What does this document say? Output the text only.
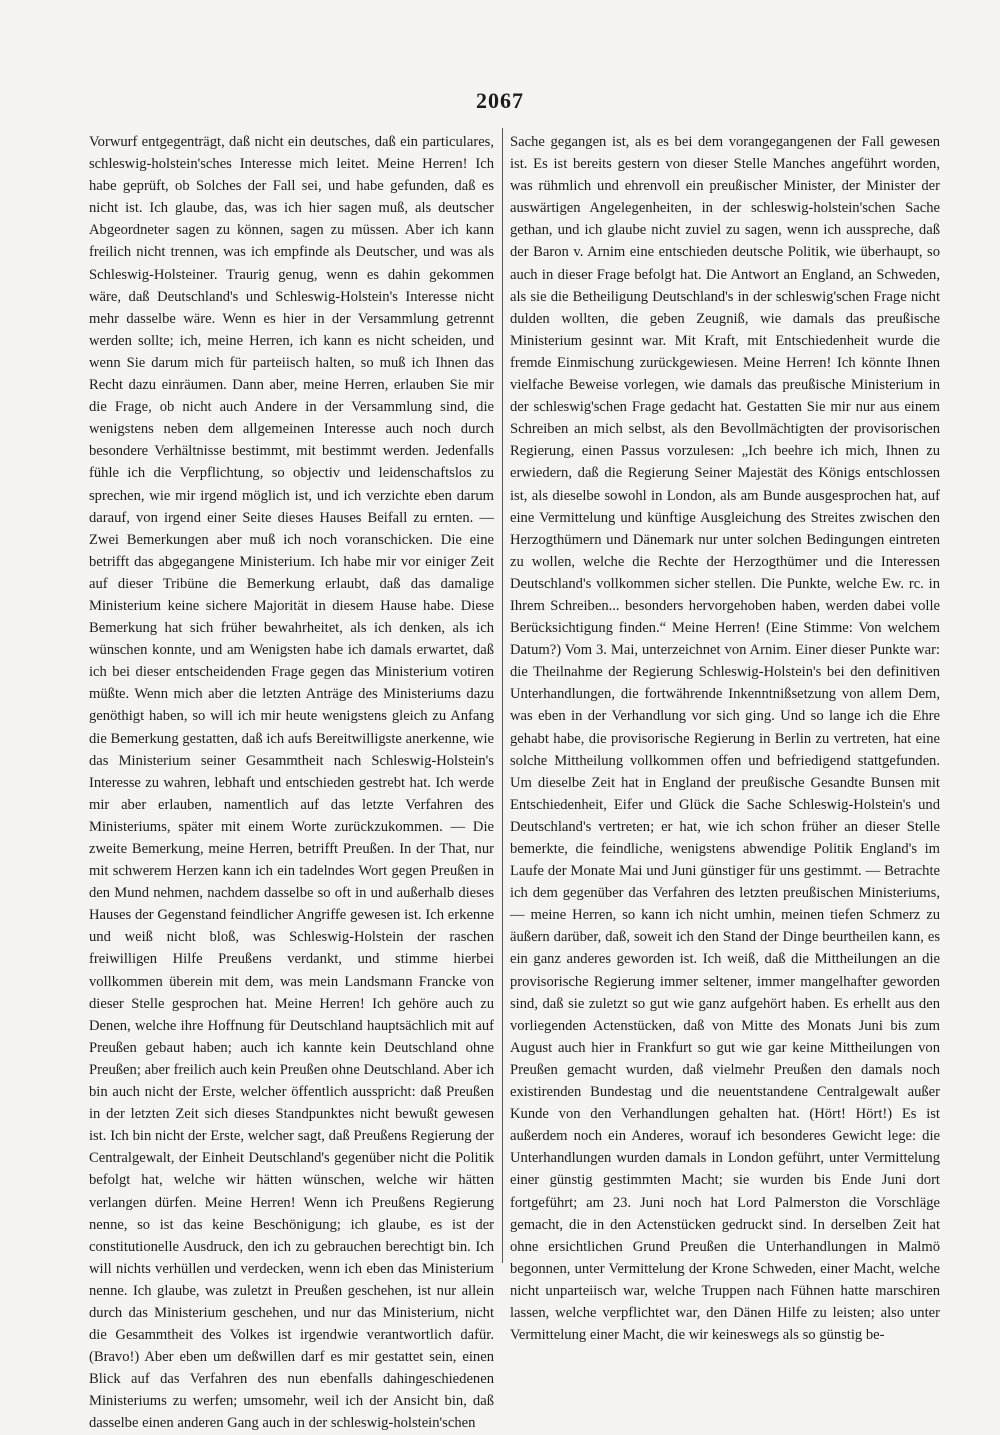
2067

Vorwurf entgegenträgt, daß nicht ein deutsches, daß ein particulares, schleswig-holstein'sches Interesse mich leitet. Meine Herren! Ich habe geprüft, ob Solches der Fall sei, und habe gefunden, daß es nicht ist. Ich glaube, das, was ich hier sagen muß, als deutscher Abgeordneter sagen zu können, sagen zu müssen. Aber ich kann freilich nicht trennen, was ich empfinde als Deutscher, und was als Schleswig-Holsteiner. Traurig genug, wenn es dahin gekommen wäre, daß Deutschland's und Schleswig-Holstein's Interesse nicht mehr dasselbe wäre. Wenn es hier in der Versammlung getrennt werden sollte; ich, meine Herren, ich kann es nicht scheiden, und wenn Sie darum mich für parteiisch halten, so muß ich Ihnen das Recht dazu einräumen. Dann aber, meine Herren, erlauben Sie mir die Frage, ob nicht auch Andere in der Versammlung sind, die wenigstens neben dem allgemeinen Interesse auch noch durch besondere Verhältnisse bestimmt, mit bestimmt werden. Jedenfalls fühle ich die Verpflichtung, so objectiv und leidenschaftslos zu sprechen, wie mir irgend möglich ist, und ich verzichte eben darum darauf, von irgend einer Seite dieses Hauses Beifall zu ernten. — Zwei Bemerkungen aber muß ich noch voranschicken. Die eine betrifft das abgegangene Ministerium. Ich habe mir vor einiger Zeit auf dieser Tribüne die Bemerkung erlaubt, daß das damalige Ministerium keine sichere Majorität in diesem Hause habe. Diese Bemerkung hat sich früher bewahrheitet, als ich denken, als ich wünschen konnte, und am Wenigsten habe ich damals erwartet, daß ich bei dieser entscheidenden Frage gegen das Ministerium votiren müßte. Wenn mich aber die letzten Anträge des Ministeriums dazu genöthigt haben, so will ich mir heute wenigstens gleich zu Anfang die Bemerkung gestatten, daß ich aufs Bereitwilligste anerkenne, wie das Ministerium seiner Gesammtheit nach Schleswig-Holstein's Interesse zu wahren, lebhaft und entschieden gestrebt hat. Ich werde mir aber erlauben, namentlich auf das letzte Verfahren des Ministeriums, später mit einem Worte zurückzukommen. — Die zweite Bemerkung, meine Herren, betrifft Preußen. In der That, nur mit schwerem Herzen kann ich ein tadelndes Wort gegen Preußen in den Mund nehmen, nachdem dasselbe so oft in und außerhalb dieses Hauses der Gegenstand feindlicher Angriffe gewesen ist. Ich erkenne und weiß nicht bloß, was Schleswig-Holstein der raschen freiwilligen Hilfe Preußens verdankt, und stimme hierbei vollkommen überein mit dem, was mein Landsmann Francke von dieser Stelle gesprochen hat. Meine Herren! Ich gehöre auch zu Denen, welche ihre Hoffnung für Deutschland hauptsächlich mit auf Preußen gebaut haben; auch ich kannte kein Deutschland ohne Preußen; aber freilich auch kein Preußen ohne Deutschland. Aber ich bin auch nicht der Erste, welcher öffentlich ausspricht: daß Preußen in der letzten Zeit sich dieses Standpunktes nicht bewußt gewesen ist. Ich bin nicht der Erste, welcher sagt, daß Preußens Regierung der Centralgewalt, der Einheit Deutschland's gegenüber nicht die Politik befolgt hat, welche wir hätten wünschen, welche wir hätten verlangen dürfen. Meine Herren! Wenn ich Preußens Regierung nenne, so ist das keine Beschönigung; ich glaube, es ist der constitutionelle Ausdruck, den ich zu gebrauchen berechtigt bin. Ich will nichts verhüllen und verdecken, wenn ich eben das Ministerium nenne. Ich glaube, was zuletzt in Preußen geschehen, ist nur allein durch das Ministerium geschehen, und nur das Ministerium, nicht die Gesammtheit des Volkes ist irgendwie verantwortlich dafür. (Bravo!) Aber eben um deßwillen darf es mir gestattet sein, einen Blick auf das Verfahren des nun ebenfalls dahingeschiedenen Ministeriums zu werfen; umsomehr, weil ich der Ansicht bin, daß dasselbe einen anderen Gang auch in der schleswig-holstein'schen

Sache gegangen ist, als es bei dem vorangegangenen der Fall gewesen ist. Es ist bereits gestern von dieser Stelle Manches angeführt worden, was rühmlich und ehrenvoll ein preußischer Minister, der Minister der auswärtigen Angelegenheiten, in der schleswig-holstein'schen Sache gethan, und ich glaube nicht zuviel zu sagen, wenn ich ausspreche, daß der Baron v. Arnim eine entschieden deutsche Politik, wie überhaupt, so auch in dieser Frage befolgt hat. Die Antwort an England, an Schweden, als sie die Betheiligung Deutschland's in der schleswig'schen Frage nicht dulden wollten, die geben Zeugniß, wie damals das preußische Ministerium gesinnt war. Mit Kraft, mit Entschiedenheit wurde die fremde Einmischung zurückgewiesen. Meine Herren! Ich könnte Ihnen vielfache Beweise vorlegen, wie damals das preußische Ministerium in der schleswig'schen Frage gedacht hat. Gestatten Sie mir nur aus einem Schreiben an mich selbst, als den Bevollmächtigten der provisorischen Regierung, einen Passus vorzulesen: „Ich beehre ich mich, Ihnen zu erwiedern, daß die Regierung Seiner Majestät des Königs entschlossen ist, als dieselbe sowohl in London, als am Bunde ausgesprochen hat, auf eine Vermittelung und künftige Ausgleichung des Streites zwischen den Herzogthümern und Dänemark nur unter solchen Bedingungen eintreten zu wollen, welche die Rechte der Herzogthümer und die Interessen Deutschland's vollkommen sicher stellen. Die Punkte, welche Ew. rc. in Ihrem Schreiben... besonders hervorgehoben haben, werden dabei volle Berücksichtigung finden.“ Meine Herren! (Eine Stimme: Von welchem Datum?) Vom 3. Mai, unterzeichnet von Arnim. Einer dieser Punkte war: die Theilnahme der Regierung Schleswig-Holstein's bei den definitiven Unterhandlungen, die fortwährende Inkenntnißsetzung von allem Dem, was eben in der Verhandlung vor sich ging. Und so lange ich die Ehre gehabt habe, die provisorische Regierung in Berlin zu vertreten, hat eine solche Mittheilung vollkommen offen und befriedigend stattgefunden. Um dieselbe Zeit hat in England der preußische Gesandte Bunsen mit Entschiedenheit, Eifer und Glück die Sache Schleswig-Holstein's und Deutschland's vertreten; er hat, wie ich schon früher an dieser Stelle bemerkte, die feindliche, wenigstens abwendige Politik England's im Laufe der Monate Mai und Juni günstiger für uns gestimmt. — Betrachte ich dem gegenüber das Verfahren des letzten preußischen Ministeriums, — meine Herren, so kann ich nicht umhin, meinen tiefen Schmerz zu äußern darüber, daß, soweit ich den Stand der Dinge beurtheilen kann, es ein ganz anderes geworden ist. Ich weiß, daß die Mittheilungen an die provisorische Regierung immer seltener, immer mangelhafter geworden sind, daß sie zuletzt so gut wie ganz aufgehört haben. Es erhellt aus den vorliegenden Actenstücken, daß von Mitte des Monats Juni bis zum August auch hier in Frankfurt so gut wie gar keine Mittheilungen von Preußen gemacht wurden, daß vielmehr Preußen den damals noch existirenden Bundestag und die neuentstandene Centralgewalt außer Kunde von den Verhandlungen gehalten hat. (Hört! Hört!) Es ist außerdem noch ein Anderes, worauf ich besonderes Gewicht lege: die Unterhandlungen wurden damals in London geführt, unter Vermittelung einer günstig gestimmten Macht; sie wurden bis Ende Juni dort fortgeführt; am 23. Juni noch hat Lord Palmerston die Vorschläge gemacht, die in den Actenstücken gedruckt sind. In derselben Zeit hat ohne ersichtlichen Grund Preußen die Unterhandlungen in Malmö begonnen, unter Vermittelung der Krone Schweden, einer Macht, welche nicht unparteiisch war, welche Truppen nach Fühnen hatte marschiren lassen, welche verpflichtet war, den Dänen Hilfe zu leisten; also unter Vermittelung einer Macht, die wir keineswegs als so günstig be-
